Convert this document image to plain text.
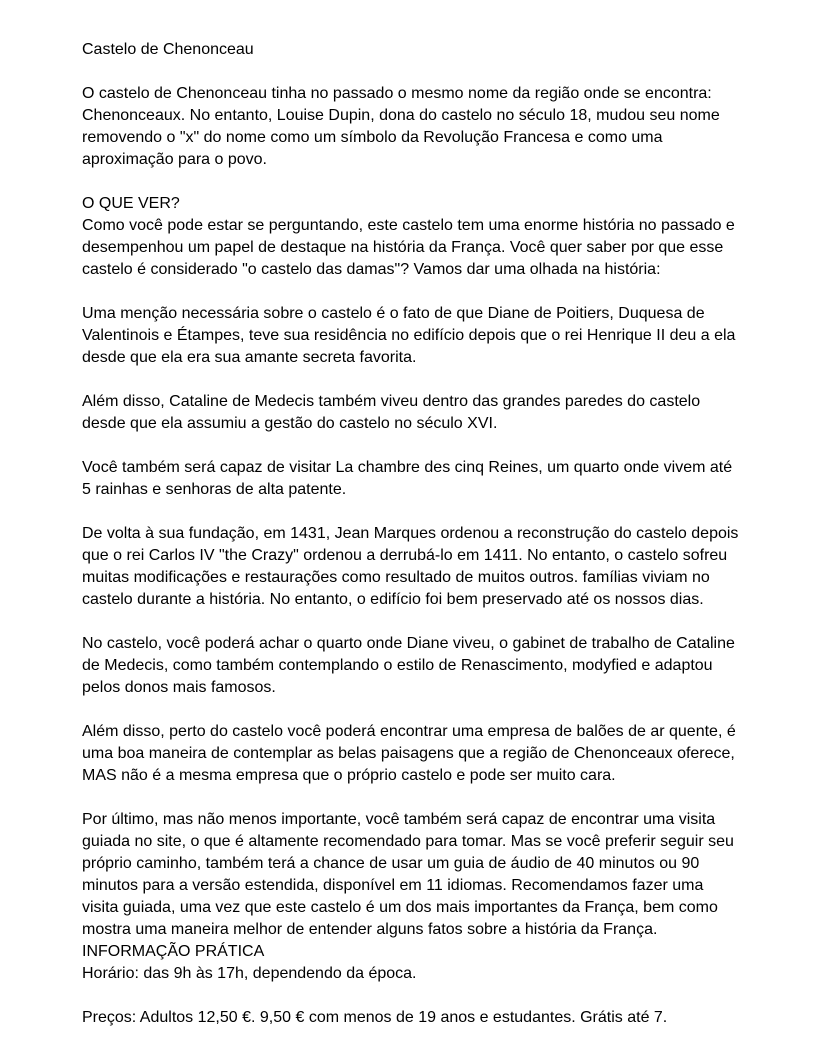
Castelo de Chenonceau

O castelo de Chenonceau tinha no passado o mesmo nome da região onde se encontra: Chenonceaux. No entanto, Louise Dupin, dona do castelo no século 18, mudou seu nome removendo o "x" do nome como um símbolo da Revolução Francesa e como uma aproximação para o povo.

O QUE VER?

Como você pode estar se perguntando, este castelo tem uma enorme história no passado e desempenhou um papel de destaque na história da França. Você quer saber por que esse castelo é considerado "o castelo das damas"? Vamos dar uma olhada na história:

Uma menção necessária sobre o castelo é o fato de que Diane de Poitiers, Duquesa de Valentinois e Étampes, teve sua residência no edifício depois que o rei Henrique II deu a ela desde que ela era sua amante secreta favorita.

Além disso, Cataline de Medecis também viveu dentro das grandes paredes do castelo desde que ela assumiu a gestão do castelo no século XVI.

Você também será capaz de visitar La chambre des cinq Reines, um quarto onde vivem até 5 rainhas e senhoras de alta patente.

De volta à sua fundação, em 1431, Jean Marques ordenou a reconstrução do castelo depois que o rei Carlos IV "the Crazy" ordenou a derrubá-lo em 1411. No entanto, o castelo sofreu muitas modificações e restaurações como resultado de muitos outros. famílias viviam no castelo durante a história. No entanto, o edifício foi bem preservado até os nossos dias.

No castelo, você poderá achar o quarto onde Diane viveu, o gabinet de trabalho de Cataline de Medecis, como também contemplando o estilo de Renascimento, modyfied e adaptou pelos donos mais famosos.

Além disso, perto do castelo você poderá encontrar uma empresa de balões de ar quente, é uma boa maneira de contemplar as belas paisagens que a região de Chenonceaux oferece, MAS não é a mesma empresa que o próprio castelo e pode ser muito cara.

Por último, mas não menos importante, você também será capaz de encontrar uma visita guiada no site, o que é altamente recomendado para tomar. Mas se você preferir seguir seu próprio caminho, também terá a chance de usar um guia de áudio de 40 minutos ou 90 minutos para a versão estendida, disponível em 11 idiomas. Recomendamos fazer uma visita guiada, uma vez que este castelo é um dos mais importantes da França, bem como mostra uma maneira melhor de entender alguns fatos sobre a história da França.

INFORMAÇÃO PRÁTICA

Horário: das 9h às 17h, dependendo da época.

Preços: Adultos 12,50 €. 9,50 € com menos de 19 anos e estudantes. Grátis até 7.
